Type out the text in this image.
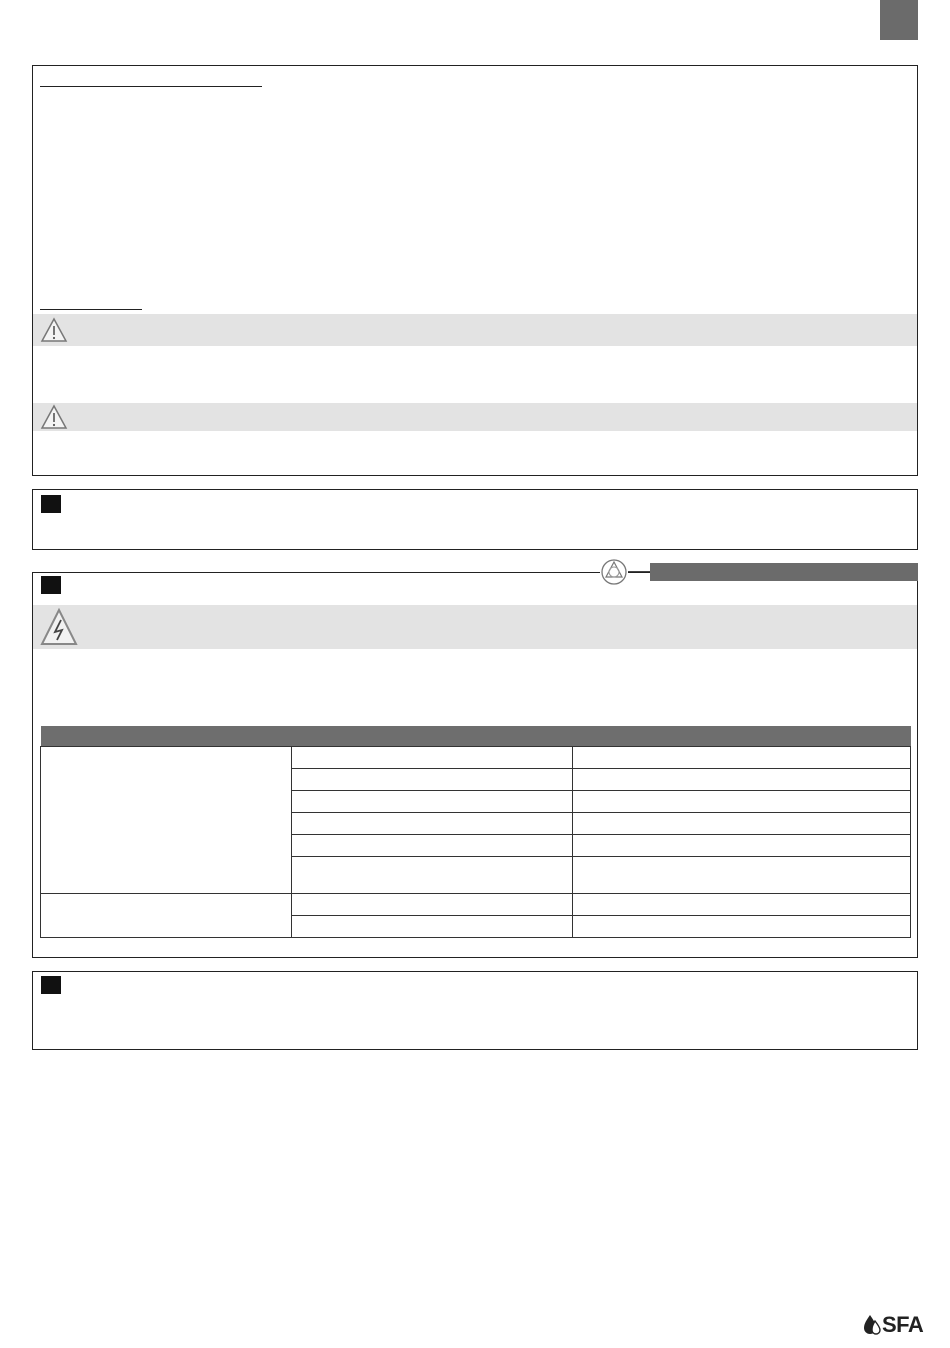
SFA
